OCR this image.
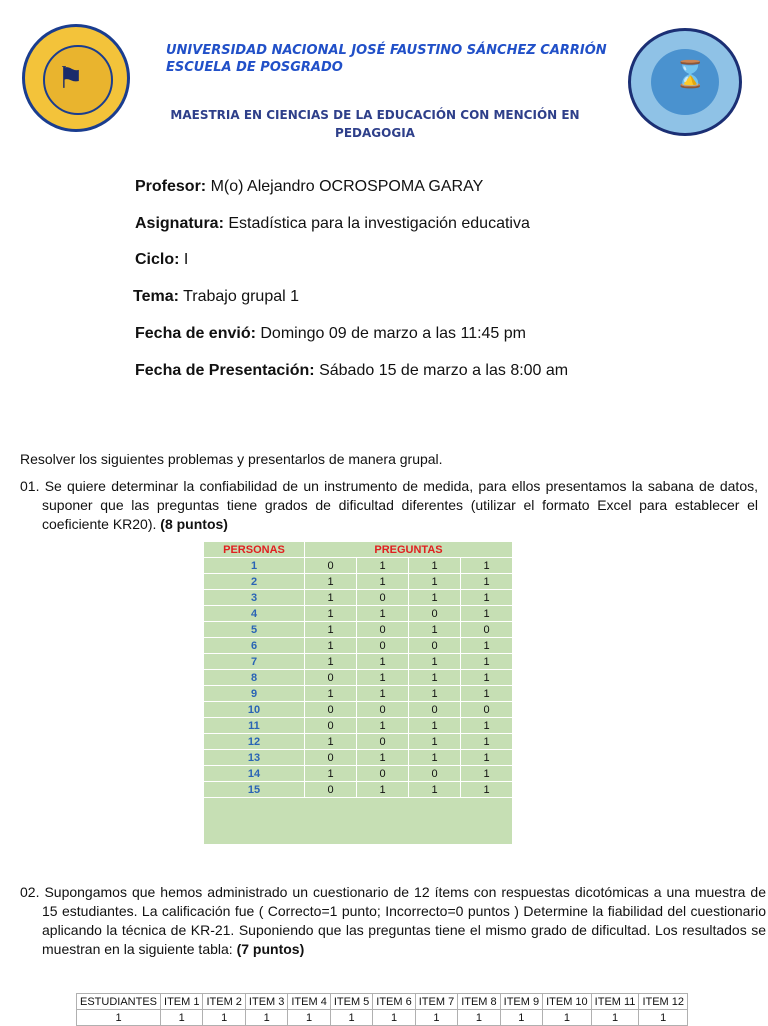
⚑	⌛
UNIVERSIDAD NACIONAL JOSÉ FAUSTINO SÁNCHEZ CARRIÓN
ESCUELA DE POSGRADO
MAESTRIA EN CIENCIAS DE LA EDUCACIÓN CON MENCIÓN EN
PEDAGOGIA
Profesor: M(o) Alejandro OCROSPOMA GARAY
Asignatura: Estadística para la investigación educativa
Ciclo: I
Tema: Trabajo grupal 1
Fecha de envió: Domingo 09 de marzo a las 11:45 pm
Fecha de Presentación: Sábado 15 de marzo a las 8:00 am
Resolver los siguientes problemas y presentarlos de manera grupal.
01. Se quiere determinar la confiabilidad de un instrumento de medida, para ellos presentamos la sabana de datos, suponer que las preguntas tiene grados de dificultad diferentes (utilizar el formato Excel para establecer el coeficiente KR20). (8 puntos)
PERSONAS	PREGUNTAS			
1	0	1	1	1
2	1	1	1	1
3	1	0	1	1
4	1	1	0	1
5	1	0	1	0
6	1	0	0	1
7	1	1	1	1
8	0	1	1	1
9	1	1	1	1
10	0	0	0	0
11	0	1	1	1
12	1	0	1	1
13	0	1	1	1
14	1	0	0	1
15	0	1	1	1

02. Supongamos que hemos administrado un cuestionario de 12 ítems con respuestas dicotómicas a una muestra de 15 estudiantes. La calificación fue ( Correcto=1 punto; Incorrecto=0 puntos ) Determine la fiabilidad del cuestionario aplicando la técnica de KR-21. Suponiendo que las preguntas tiene el mismo grado de dificultad. Los resultados se muestran en la siguiente tabla: (7 puntos)
ESTUDIANTES	ITEM 1	ITEM 2	ITEM 3	ITEM 4	ITEM 5	ITEM 6	ITEM 7	ITEM 8	ITEM 9	ITEM 10	ITEM 11	ITEM 12
1	1	1	1	1	1	1	1	1	1	1	1	1
